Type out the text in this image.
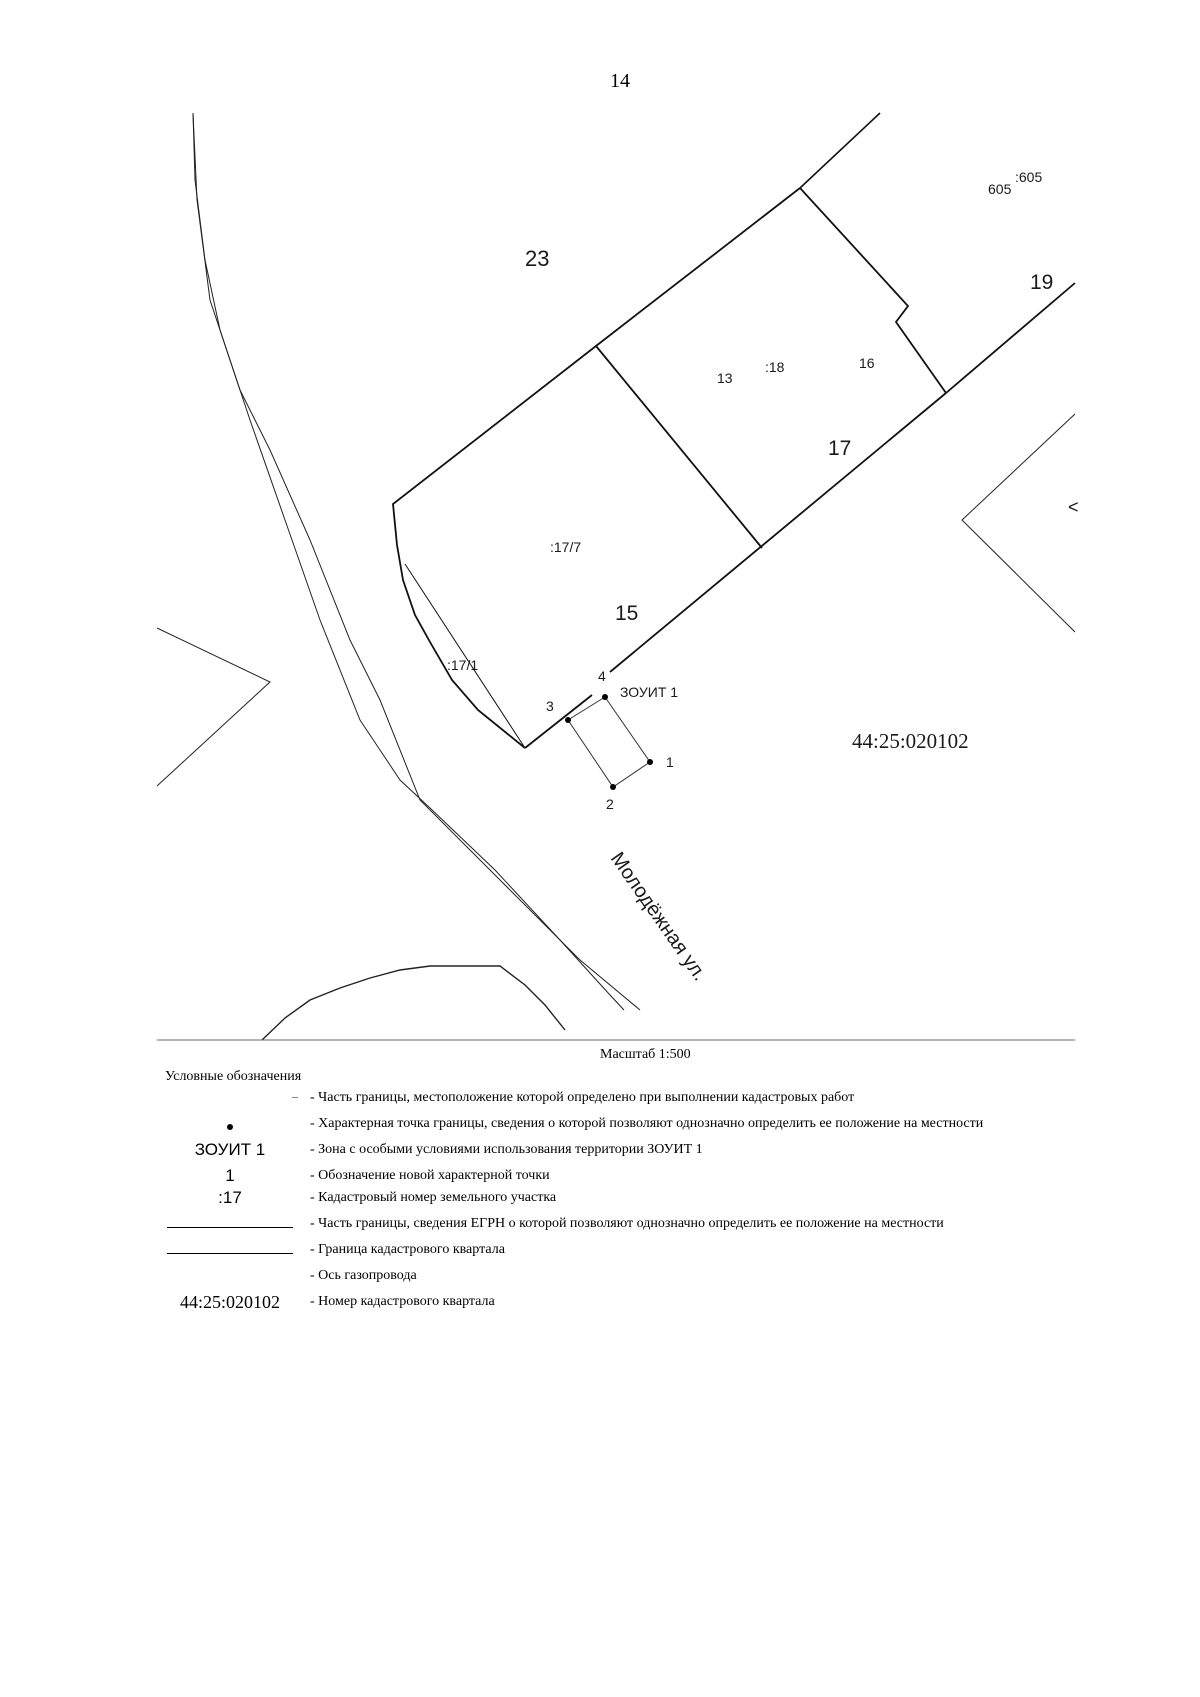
14
1
2
3
4
ЗОУИТ 1
23
605
:605
19
13
:18	16
17
:17/7
15
:17/1
<
44:25:020102
Молодёжная ул.
Масштаб 1:500
Условные обозначения
- Часть границы, местоположение которой определено при выполнении кадастровых работ
- Характерная точка границы, сведения о которой позволяют однозначно определить ее положение на местности
ЗОУИТ 1	- Зона с особыми условиями использования территории ЗОУИТ 1
1	- Обозначение новой характерной точки
:17	- Кадастровый номер земельного участка
- Часть границы, сведения ЕГРН о которой позволяют однозначно определить ее положение на местности
- Граница кадастрового квартала
- Ось газопровода
44:25:020102	- Номер кадастрового квартала
